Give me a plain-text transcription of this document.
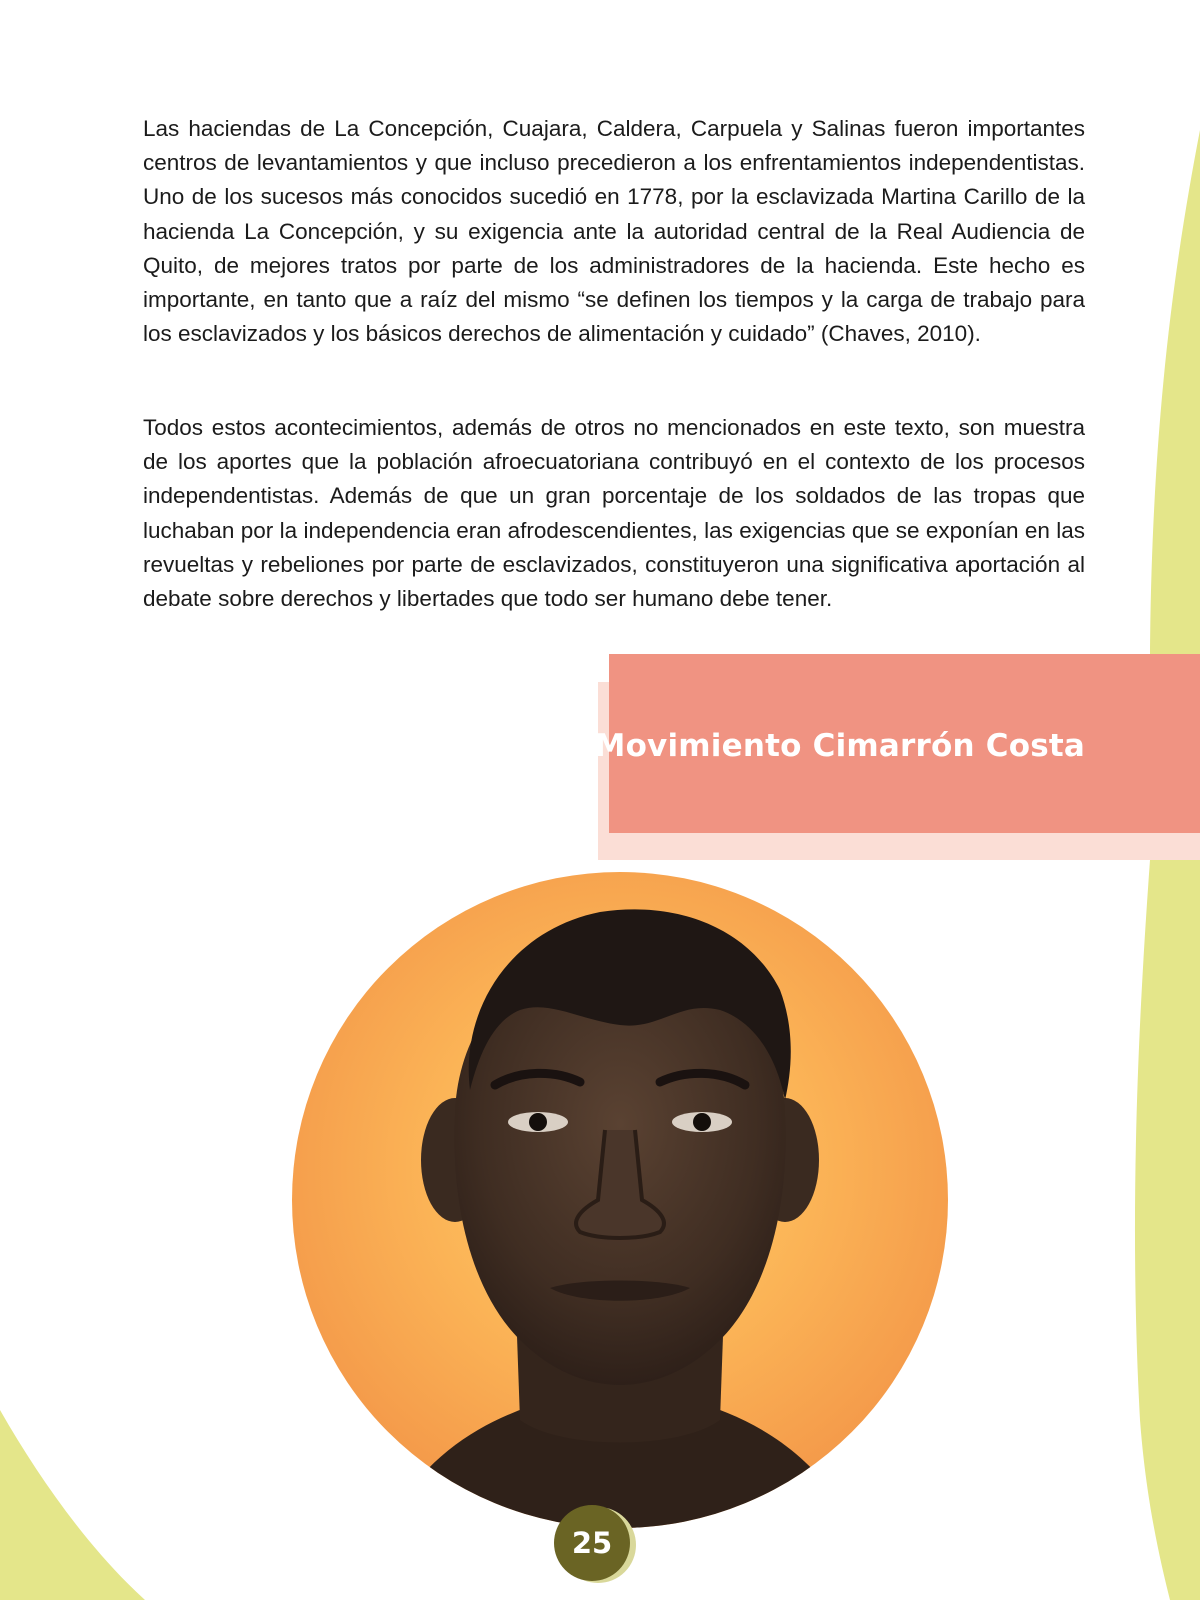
Las haciendas de La Concepción, Cuajara, Caldera, Carpuela y Salinas fueron importantes centros de levantamientos y que incluso precedieron a los enfrentamientos independentistas. Uno de los sucesos más conocidos sucedió en 1778, por la esclavizada Martina Carillo de la hacienda La Concepción, y su exigencia ante la autoridad central de la Real Audiencia de Quito, de mejores tratos por parte de los administradores de la hacienda. Este hecho es importante, en tanto que a raíz del mismo “se definen los tiempos y la carga de trabajo para los esclavizados y los básicos derechos de alimentación y cuidado” (Chaves, 2010).

Todos estos acontecimientos, además de otros no mencionados en este texto, son muestra de los aportes que la población afroecuatoriana contribuyó en el contexto de los procesos independentistas. Además de que un gran porcentaje de los soldados de las tropas que luchaban por la independencia eran afrodescendientes, las exigencias que se exponían en las revueltas y rebeliones por parte de esclavizados, constituyeron una significativa aportación al debate sobre derechos y libertades que todo ser humano debe tener.

Movimiento Cimarrón Costa
25
